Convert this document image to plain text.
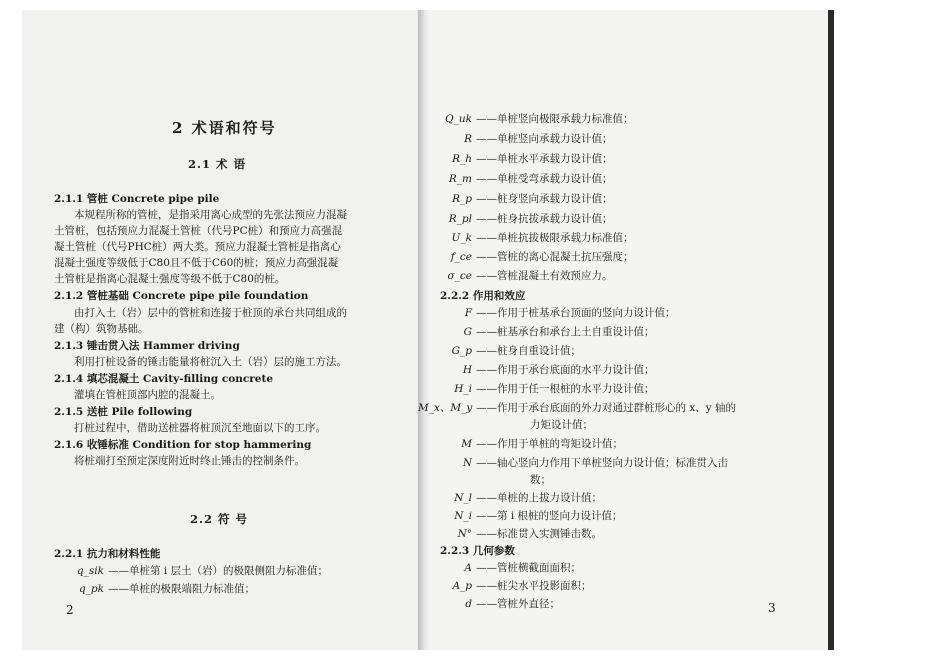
2 术语和符号
2.1 术 语
2.1.1 管桩 Concrete pipe pile
本规程所称的管桩，是指采用离心成型的先张法预应力混凝
土管桩，包括预应力混凝土管桩（代号PC桩）和预应力高强混
凝土管桩（代号PHC桩）两大类。预应力混凝土管桩是指离心
混凝土强度等级低于C80且不低于C60的桩；预应力高强混凝
土管桩是指离心混凝土强度等级不低于C80的桩。
2.1.2 管桩基础 Concrete pipe pile foundation
由打入土（岩）层中的管桩和连接于桩顶的承台共同组成的
建（构）筑物基础。
2.1.3 锤击贯入法 Hammer driving
利用打桩设备的锤击能量将桩沉入土（岩）层的施工方法。
2.1.4 填芯混凝土 Cavity-filling concrete
灌填在管桩顶部内腔的混凝土。
2.1.5 送桩 Pile following
打桩过程中，借助送桩器将桩顶沉至地面以下的工序。
2.1.6 收锤标准 Condition for stop hammering
将桩端打至预定深度附近时终止锤击的控制条件。
2.2 符 号
2.2.1 抗力和材料性能
q_sik ——单桩第 i 层土（岩）的极限侧阻力标准值；
q_pk ——单桩的极限端阻力标准值；
2
Q_uk ——单桩竖向极限承载力标准值；
R ——单桩竖向承载力设计值；
R_h ——单桩水平承载力设计值；
R_m ——单桩受弯承载力设计值；
R_p ——桩身竖向承载力设计值；
R_pl ——桩身抗拔承载力设计值；
U_k ——单桩抗拔极限承载力标准值；
f_ce ——管桩的离心混凝土抗压强度；
σ_ce ——管桩混凝土有效预应力。
2.2.2 作用和效应
F ——作用于桩基承台顶面的竖向力设计值；
G ——桩基承台和承台上土自重设计值；
G_p ——桩身自重设计值；
H ——作用于承台底面的水平力设计值；
H_i ——作用于任一根桩的水平力设计值；
M_x、M_y ——作用于承台底面的外力对通过群桩形心的 x、y 轴的
力矩设计值；
M ——作用于单桩的弯矩设计值；
N ——轴心竖向力作用下单桩竖向力设计值；标准贯入击
数；
N_l ——单桩的上拔力设计值；
N_i ——第 i 根桩的竖向力设计值；
N° ——标准贯入实测锤击数。
2.2.3 几何参数
A ——管桩横截面面积；
A_p ——桩尖水平投影面积；
d ——管桩外直径；	3
